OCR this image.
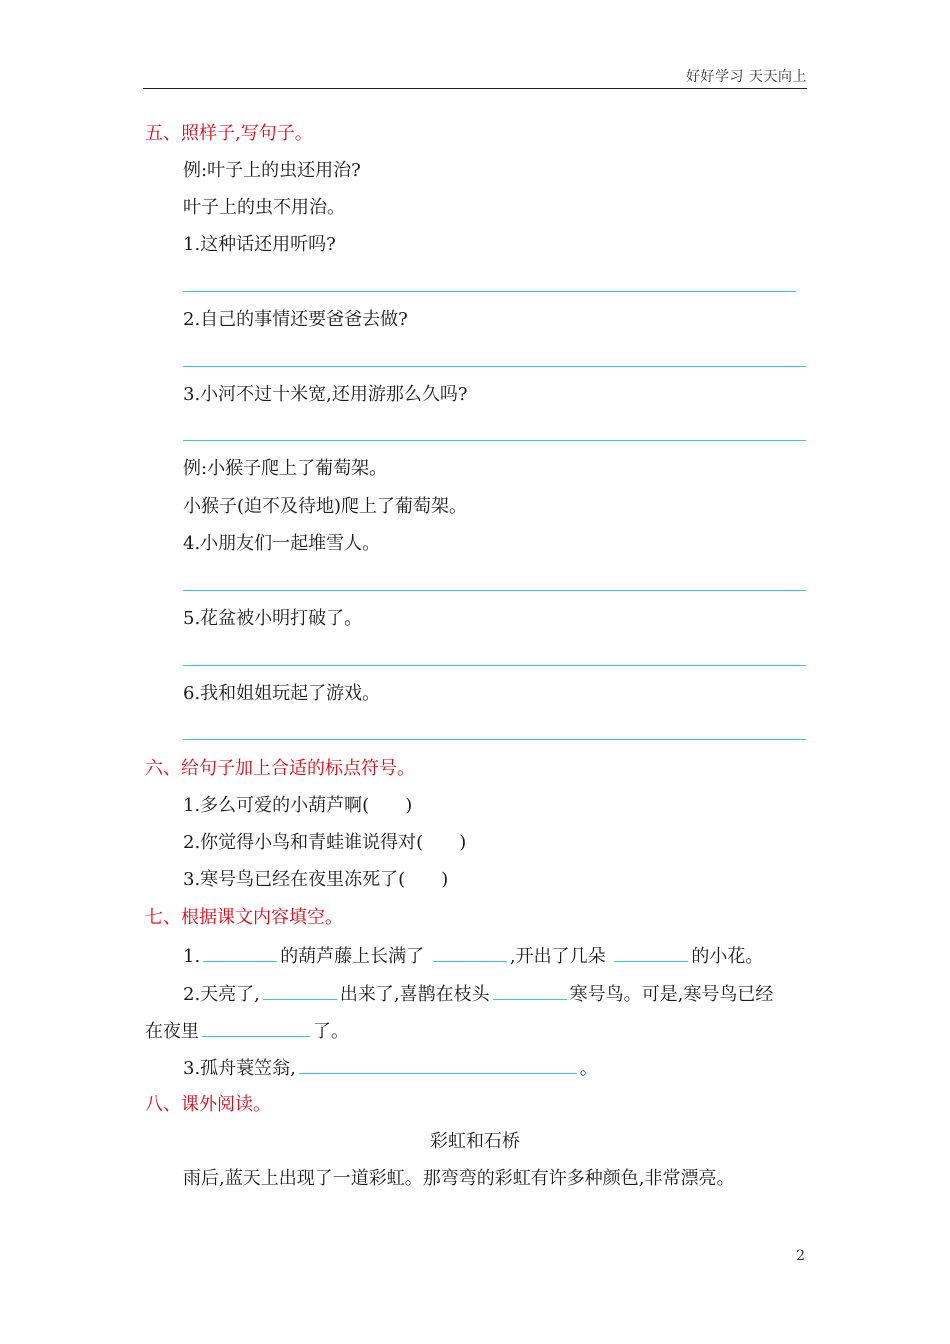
好好学习 天天向上
五、照样子,写句子。
例:叶子上的虫还用治?
叶子上的虫不用治。
1.这种话还用听吗?
2.自己的事情还要爸爸去做?
3.小河不过十米宽,还用游那么久吗?
例:小猴子爬上了葡萄架。
小猴子(迫不及待地)爬上了葡萄架。
4.小朋友们一起堆雪人。
5.花盆被小明打破了。
6.我和姐姐玩起了游戏。
六、给句子加上合适的标点符号。
1.多么可爱的小葫芦啊(　　)
2.你觉得小鸟和青蛙谁说得对(　　)
3.寒号鸟已经在夜里冻死了(　　)
七、根据课文内容填空。
1.	的葫芦藤上长满了	,开出了几朵	的小花。
2.天亮了,	出来了,喜鹊在枝头	寒号鸟。可是,寒号鸟已经
在夜里	了。
3.孤舟蓑笠翁,	。
八、课外阅读。
彩虹和石桥
雨后,蓝天上出现了一道彩虹。那弯弯的彩虹有许多种颜色,非常漂亮。
2
